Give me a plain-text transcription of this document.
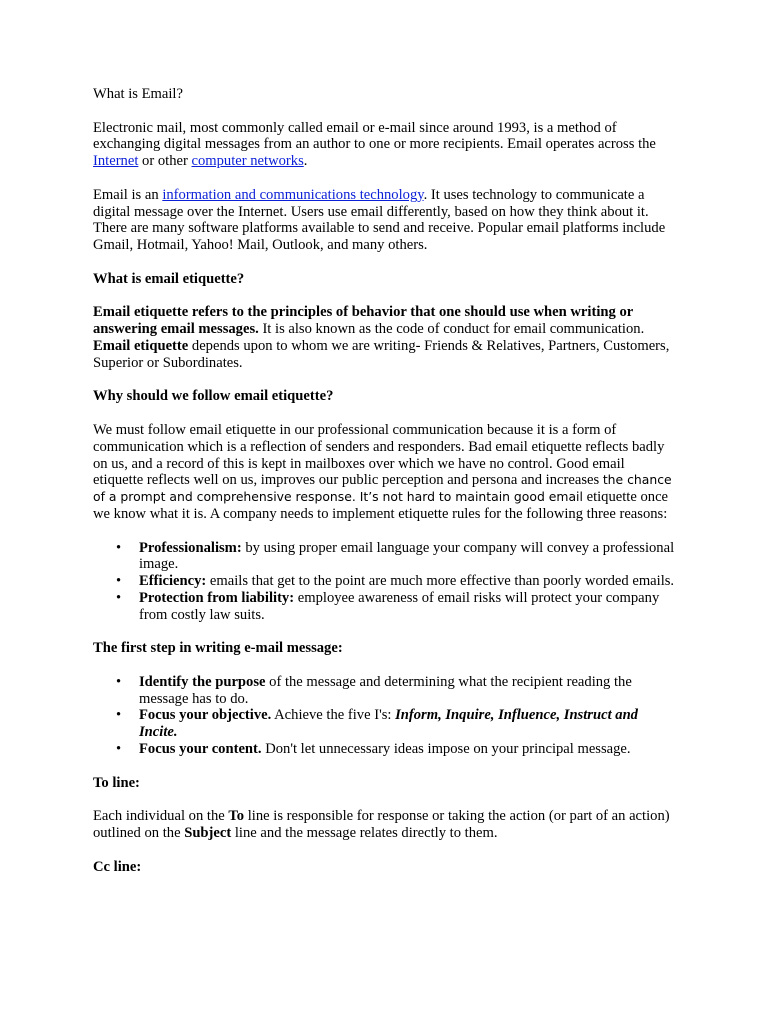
What is Email?

Electronic mail, most commonly called email or e-mail since around 1993, is a method of exchanging digital messages from an author to one or more recipients. Email operates across the Internet or other computer networks.

Email is an information and communications technology. It uses technology to communicate a digital message over the Internet. Users use email differently, based on how they think about it. There are many software platforms available to send and receive. Popular email platforms include Gmail, Hotmail, Yahoo! Mail, Outlook, and many others.

What is email etiquette?

Email etiquette refers to the principles of behavior that one should use when writing or answering email messages. It is also known as the code of conduct for email communication. Email etiquette depends upon to whom we are writing- Friends & Relatives, Partners, Customers, Superior or Subordinates.

Why should we follow email etiquette?

We must follow email etiquette in our professional communication because it is a form of communication which is a reflection of senders and responders. Bad email etiquette reflects badly on us, and a record of this is kept in mailboxes over which we have no control. Good email etiquette reflects well on us, improves our public perception and persona and increases the chance of a prompt and comprehensive response. It’s not hard to maintain good email etiquette once we know what it is. A company needs to implement etiquette rules for the following three reasons:

• Professionalism: by using proper email language your company will convey a professional image.
• Efficiency: emails that get to the point are much more effective than poorly worded emails.
• Protection from liability: employee awareness of email risks will protect your company from costly law suits.

The first step in writing e-mail message:

• Identify the purpose of the message and determining what the recipient reading the message has to do.
• Focus your objective. Achieve the five I's: Inform, Inquire, Influence, Instruct and Incite.
• Focus your content. Don't let unnecessary ideas impose on your principal message.

To line:

Each individual on the To line is responsible for response or taking the action (or part of an action) outlined on the Subject line and the message relates directly to them.

Cc line:
